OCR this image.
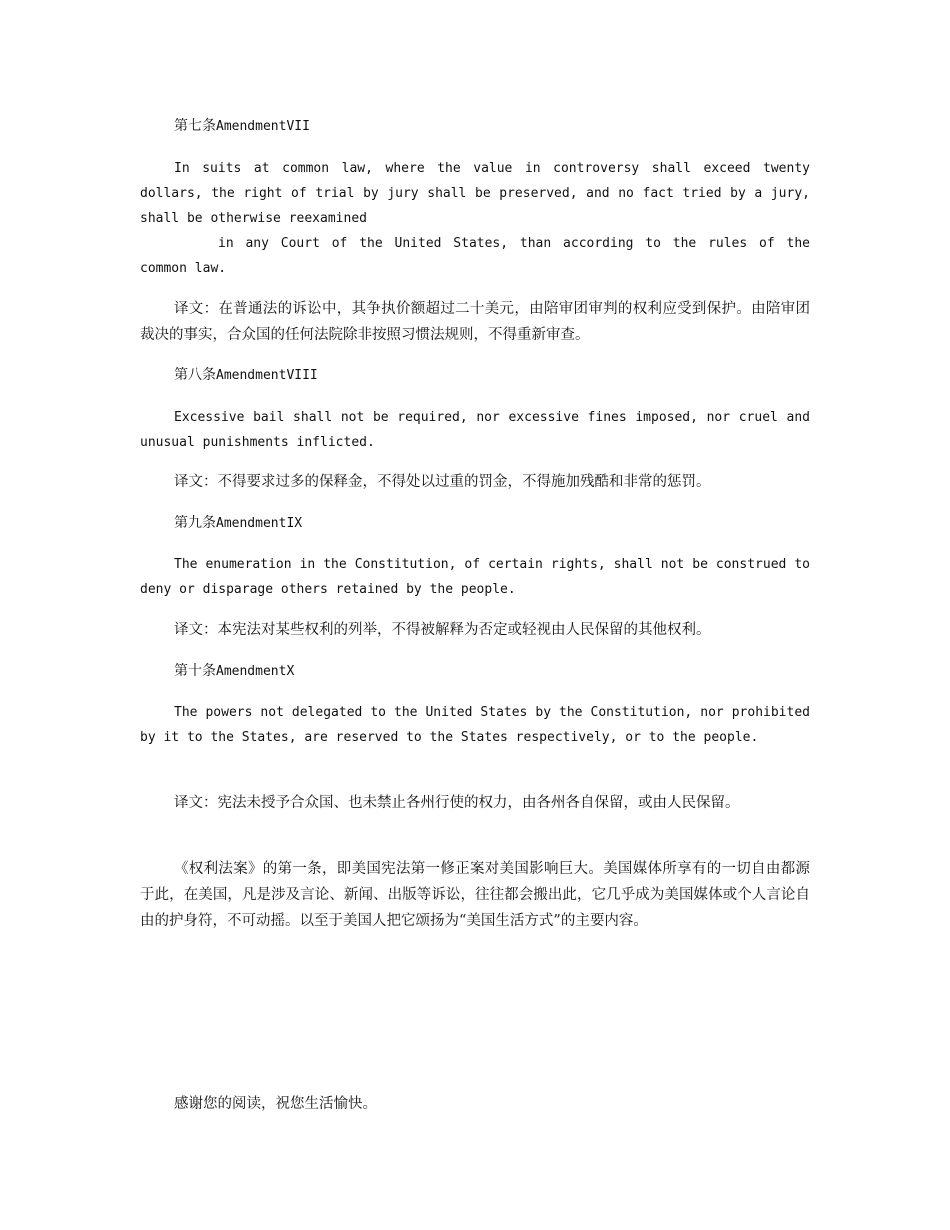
第七条AmendmentVII

In suits at common law, where the value in controversy shall exceed twenty dollars, the right of trial by jury shall be preserved, and no fact tried by a jury, shall be otherwise reexamined

in any Court of the United States, than according to the rules of the common law.

译文：在普通法的诉讼中，其争执价额超过二十美元，由陪审团审判的权利应受到保护。由陪审团裁决的事实，合众国的任何法院除非按照习惯法规则，不得重新审查。

第八条AmendmentVIII

Excessive bail shall not be required, nor excessive fines imposed, nor cruel and unusual punishments inflicted.

译文：不得要求过多的保释金，不得处以过重的罚金，不得施加残酷和非常的惩罚。

第九条AmendmentIX

The enumeration in the Constitution, of certain rights, shall not be construed to deny or disparage others retained by the people.

译文：本宪法对某些权利的列举，不得被解释为否定或轻视由人民保留的其他权利。

第十条AmendmentX

The powers not delegated to the United States by the Constitution, nor prohibited by it to the States, are reserved to the States respectively, or to the people.

译文：宪法未授予合众国、也未禁止各州行使的权力，由各州各自保留，或由人民保留。

《权利法案》的第一条，即美国宪法第一修正案对美国影响巨大。美国媒体所享有的一切自由都源于此，在美国，凡是涉及言论、新闻、出版等诉讼，往往都会搬出此，它几乎成为美国媒体或个人言论自由的护身符，不可动摇。以至于美国人把它颂扬为“美国生活方式”的主要内容。

感谢您的阅读，祝您生活愉快。
